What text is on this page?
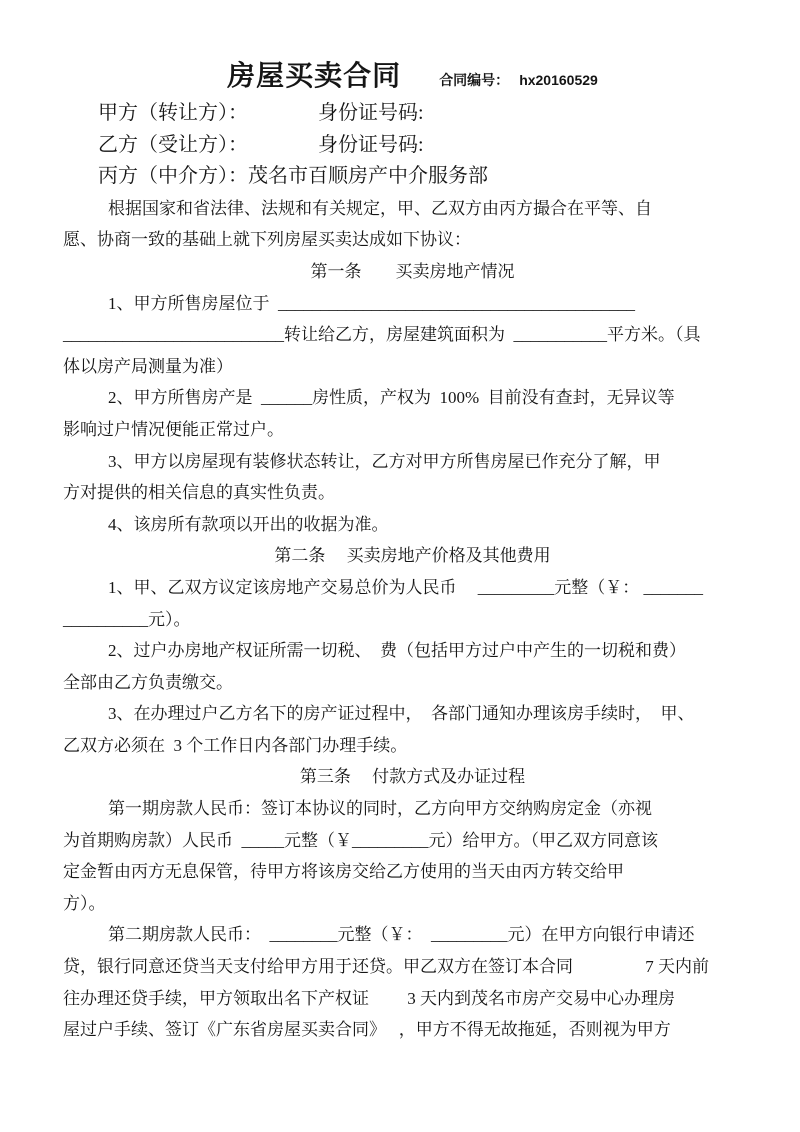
房屋买卖合同	合同编号： hx20160529
甲方（转让方）：　　　　身份证号码:
乙方（受让方）：　　　　身份证号码:
丙方（中介方）：茂名市百顺房产中介服务部
根据国家和省法律、法规和有关规定，甲、乙双方由丙方撮合在平等、自
愿、协商一致的基础上就下列房屋买卖达成如下协议：
第一条　　买卖房地产情况
1、甲方所售房屋位于  __________________________________________
__________________________转让给乙方，房屋建筑面积为  ___________平方米。（具
体以房产局测量为准）
2、甲方所售房产是  ______房性质，产权为  100%  目前没有查封，无异议等
影响过户情况便能正常过户。
3、甲方以房屋现有装修状态转让，乙方对甲方所售房屋已作充分了解，甲
方对提供的相关信息的真实性负责。
4、该房所有款项以开出的收据为准。
第二条　 买卖房地产价格及其他费用
1、甲、乙双方议定该房地产交易总价为人民币　 _________元整（￥： _______
__________元）。
2、过户办房地产权证所需一切税、　费（包括甲方过户中产生的一切税和费）
全部由乙方负责缴交。
3、在办理过户乙方名下的房产证过程中，　各部门通知办理该房手续时，　甲、
乙双方必须在  3 个工作日内各部门办理手续。
第三条　 付款方式及办证过程
第一期房款人民币：签订本协议的同时，乙方向甲方交纳购房定金（亦视
为首期购房款）人民币  _____元整（￥_________元）给甲方。（甲乙双方同意该
定金暂由丙方无息保管，待甲方将该房交给乙方使用的当天由丙方转交给甲
方）。
第二期房款人民币：  ________元整（￥：  _________元）在甲方向银行申请还
贷，银行同意还贷当天支付给甲方用于还贷。甲乙双方在签订本合同　　　　 7 天内前
往办理还贷手续，甲方领取出名下产权证　　 3 天内到茂名市房产交易中心办理房
屋过户手续、签订《广东省房屋买卖合同》　 ，甲方不得无故拖延，否则视为甲方
